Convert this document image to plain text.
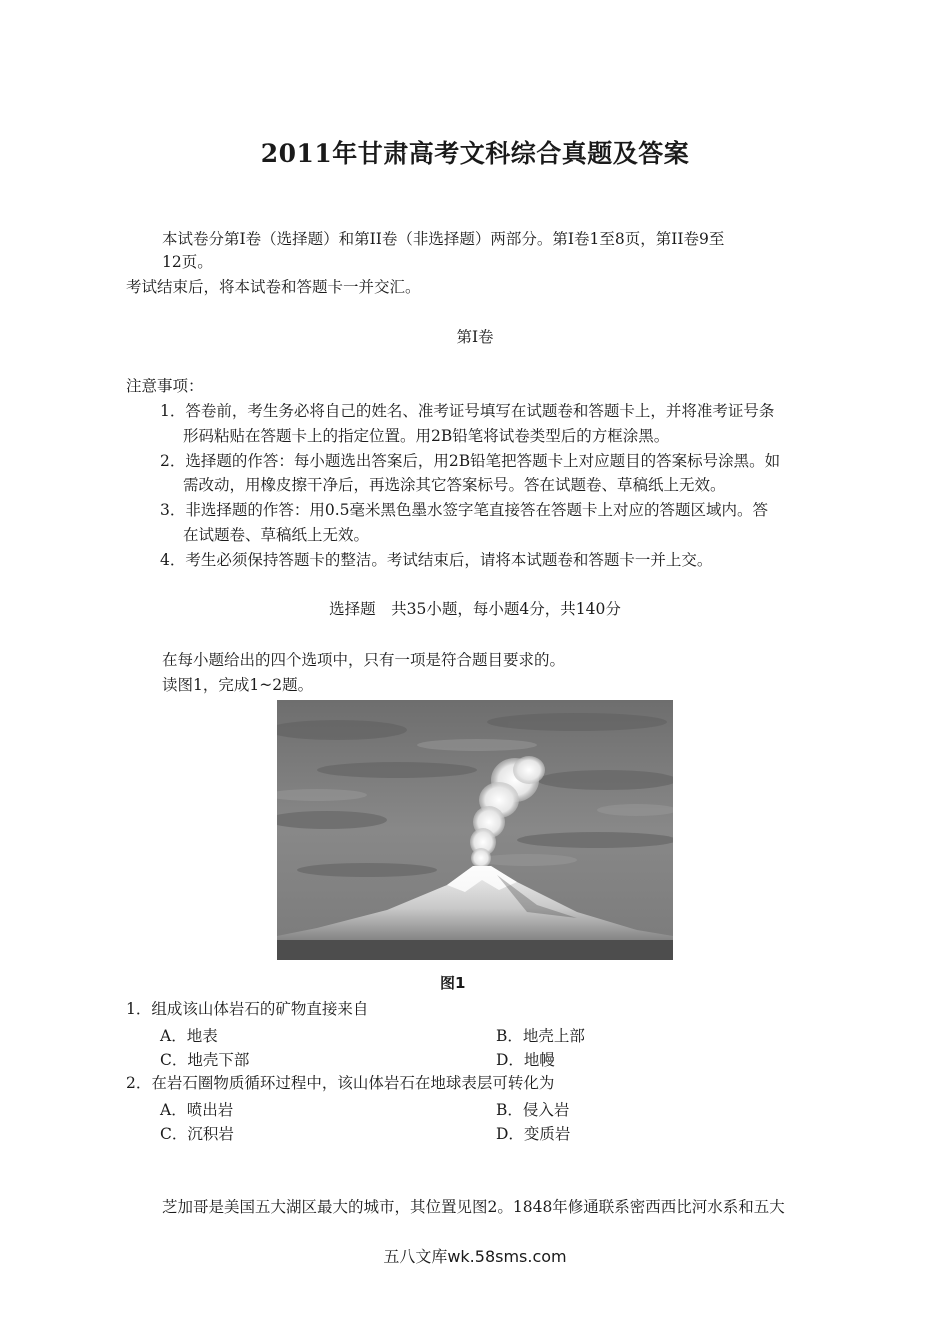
2011年甘肃高考文科综合真题及答案
本试卷分第I卷（选择题）和第II卷（非选择题）两部分。第I卷1至8页，第II卷9至
12页。
考试结束后，将本试卷和答题卡一并交汇。
第I卷
注意事项：
1．答卷前，考生务必将自己的姓名、准考证号填写在试题卷和答题卡上，并将准考证号条
形码粘贴在答题卡上的指定位置。用2B铅笔将试卷类型后的方框涂黑。
2．选择题的作答：每小题选出答案后，用2B铅笔把答题卡上对应题目的答案标号涂黑。如
需改动，用橡皮擦干净后，再选涂其它答案标号。答在试题卷、草稿纸上无效。
3．非选择题的作答：用0.5毫米黑色墨水签字笔直接答在答题卡上对应的答题区域内。答
在试题卷、草稿纸上无效。
4．考生必须保持答题卡的整洁。考试结束后，请将本试题卷和答题卡一并上交。
选择题　共35小题，每小题4分，共140分
在每小题给出的四个选项中，只有一项是符合题目要求的。
读图1，完成1~2题。
图1
1．组成该山体岩石的矿物直接来自
A．地表	B．地壳上部
C．地壳下部	D．地幔
2．在岩石圈物质循环过程中，该山体岩石在地球表层可转化为
A．喷出岩	B．侵入岩
C．沉积岩	D．变质岩
芝加哥是美国五大湖区最大的城市，其位置见图2。1848年修通联系密西西比河水系和五大
五八文库wk.58sms.com
